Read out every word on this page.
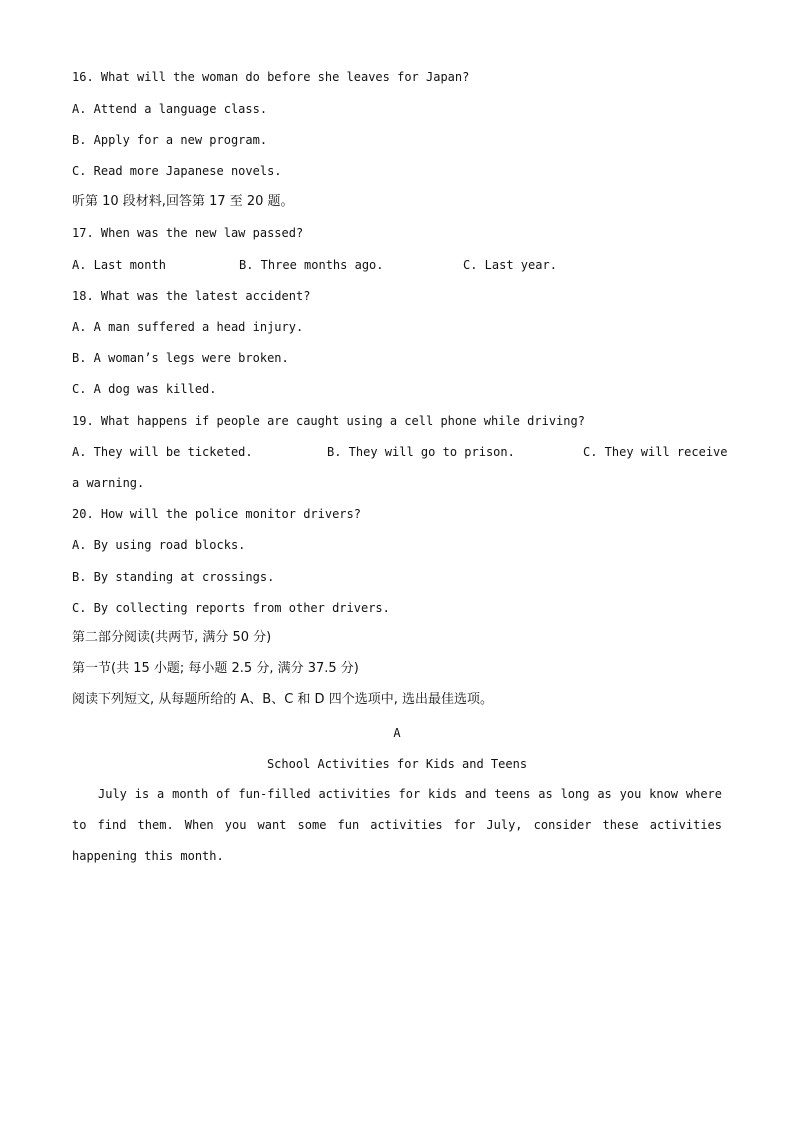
16. What will the woman do before she leaves for Japan?
A. Attend a language class.
B. Apply for a new program.
C. Read more Japanese novels.
听第 10 段材料,回答第 17 至 20 题。
17. When was the new law passed?
A. Last month	B. Three months ago.	C. Last year.
18. What was the latest accident?
A. A man suffered a head injury.
B. A woman’s legs were broken.
C. A dog was killed.
19. What happens if people are caught using a cell phone while driving?
A. They will be ticketed.	B. They will go to prison.	C. They will receive
a warning.
20. How will the police monitor drivers?
A. By using road blocks.
B. By standing at crossings.
C. By collecting reports from other drivers.
第二部分阅读(共两节, 满分 50 分)
第一节(共 15 小题; 每小题 2.5 分, 满分 37.5 分)
阅读下列短文, 从每题所给的 A、B、C 和 D 四个选项中, 选出最佳选项。
A
School Activities for Kids and Teens
July is a month of fun-filled activities for kids and teens as long as you know where to find them. When you want some fun activities for July, consider these activities happening this month.
